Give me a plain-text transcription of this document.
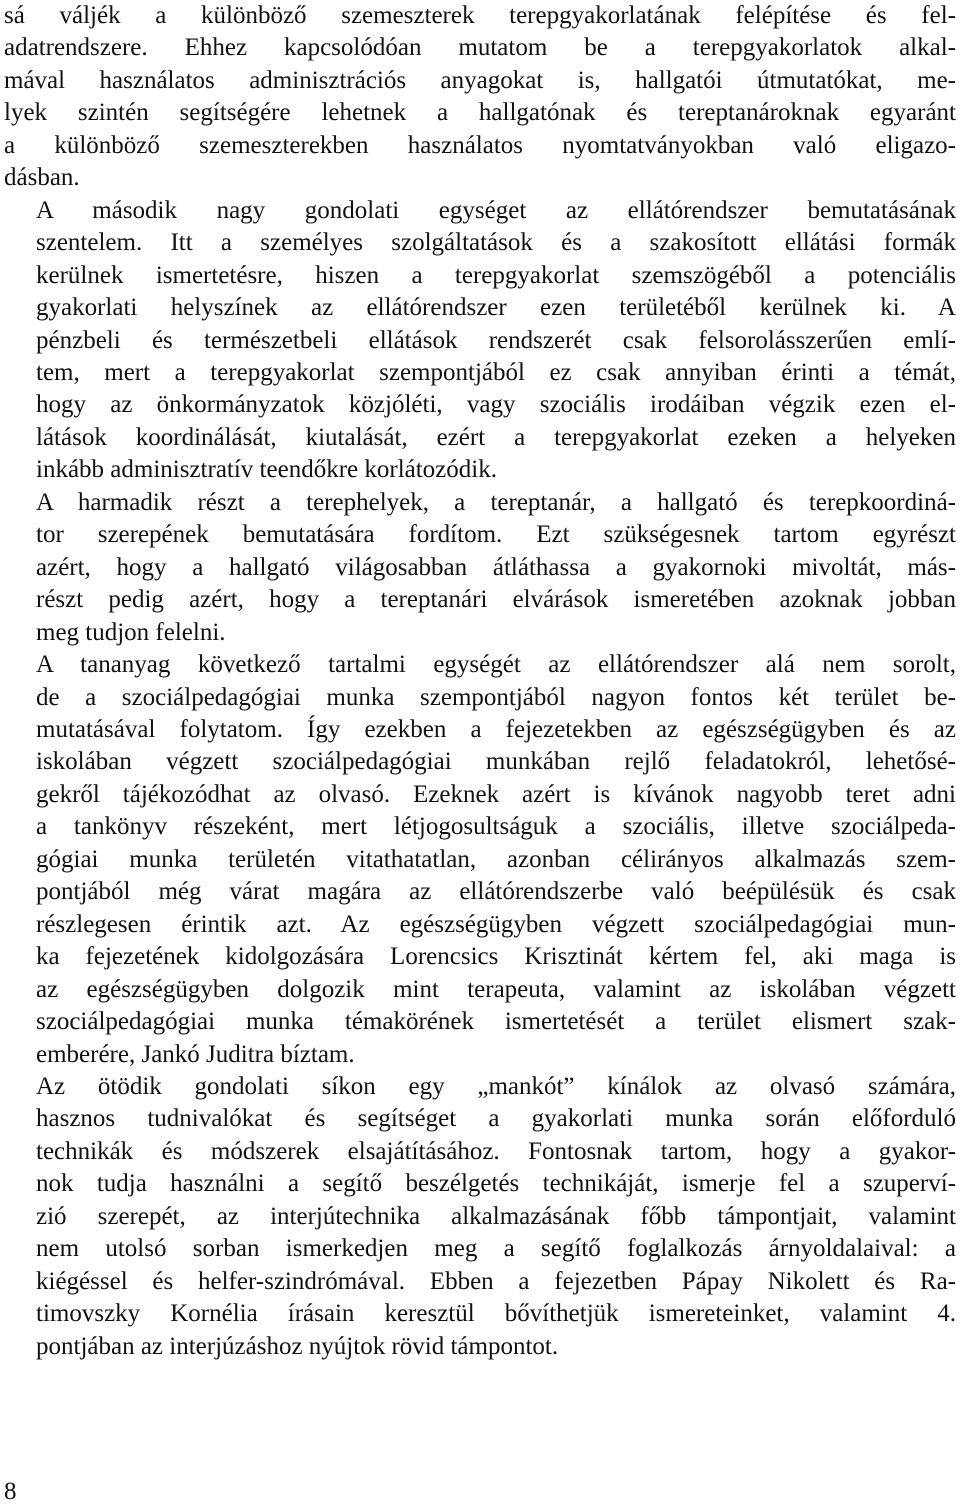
sá váljék a különböző szemeszterek terepgyakorlatának felépítése és fel-
adatrendszere. Ehhez kapcsolódóan mutatom be a terepgyakorlatok alkal-
mával használatos adminisztrációs anyagokat is, hallgatói útmutatókat, me-
lyek szintén segítségére lehetnek a hallgatónak és tereptanároknak egyaránt
a különböző szemeszterekben használatos nyomtatványokban való eligazo-
dásban.

A második nagy gondolati egységet az ellátórendszer bemutatásának
szentelem. Itt a személyes szolgáltatások és a szakosított ellátási formák
kerülnek ismertetésre, hiszen a terepgyakorlat szemszögéből a potenciális
gyakorlati helyszínek az ellátórendszer ezen területéből kerülnek ki. A
pénzbeli és természetbeli ellátások rendszerét csak felsorolásszerűen emlí-
tem, mert a terepgyakorlat szempontjából ez csak annyiban érinti a témát,
hogy az önkormányzatok közjóléti, vagy szociális irodáiban végzik ezen el-
látások koordinálását, kiutalását, ezért a terepgyakorlat ezeken a helyeken
inkább adminisztratív teendőkre korlátozódik.

A harmadik részt a terephelyek, a tereptanár, a hallgató és terepkoordiná-
tor szerepének bemutatására fordítom. Ezt szükségesnek tartom egyrészt
azért, hogy a hallgató világosabban átláthassa a gyakornoki mivoltát, más-
részt pedig azért, hogy a tereptanári elvárások ismeretében azoknak jobban
meg tudjon felelni.

A tananyag következő tartalmi egységét az ellátórendszer alá nem sorolt,
de a szociálpedagógiai munka szempontjából nagyon fontos két terület be-
mutatásával folytatom. Így ezekben a fejezetekben az egészségügyben és az
iskolában végzett szociálpedagógiai munkában rejlő feladatokról, lehetősé-
gekről tájékozódhat az olvasó. Ezeknek azért is kívánok nagyobb teret adni
a tankönyv részeként, mert létjogosultságuk a szociális, illetve szociálpeda-
gógiai munka területén vitathatatlan, azonban célirányos alkalmazás szem-
pontjából még várat magára az ellátórendszerbe való beépülésük és csak
részlegesen érintik azt. Az egészségügyben végzett szociálpedagógiai mun-
ka fejezetének kidolgozására Lorencsics Krisztinát kértem fel, aki maga is
az egészségügyben dolgozik mint terapeuta, valamint az iskolában végzett
szociálpedagógiai munka témakörének ismertetését a terület elismert szak-
emberére, Jankó Juditra bíztam.

Az ötödik gondolati síkon egy „mankót” kínálok az olvasó számára,
hasznos tudnivalókat és segítséget a gyakorlati munka során előforduló
technikák és módszerek elsajátításához. Fontosnak tartom, hogy a gyakor-
nok tudja használni a segítő beszélgetés technikáját, ismerje fel a szuperví-
zió szerepét, az interjútechnika alkalmazásának főbb támpontjait, valamint
nem utolsó sorban ismerkedjen meg a segítő foglalkozás árnyoldalaival: a
kiégéssel és helfer-szindrómával. Ebben a fejezetben Pápay Nikolett és Ra-
timovszky Kornélia írásain keresztül bővíthetjük ismereteinket, valamint 4.
pontjában az interjúzáshoz nyújtok rövid támpontot.

8
